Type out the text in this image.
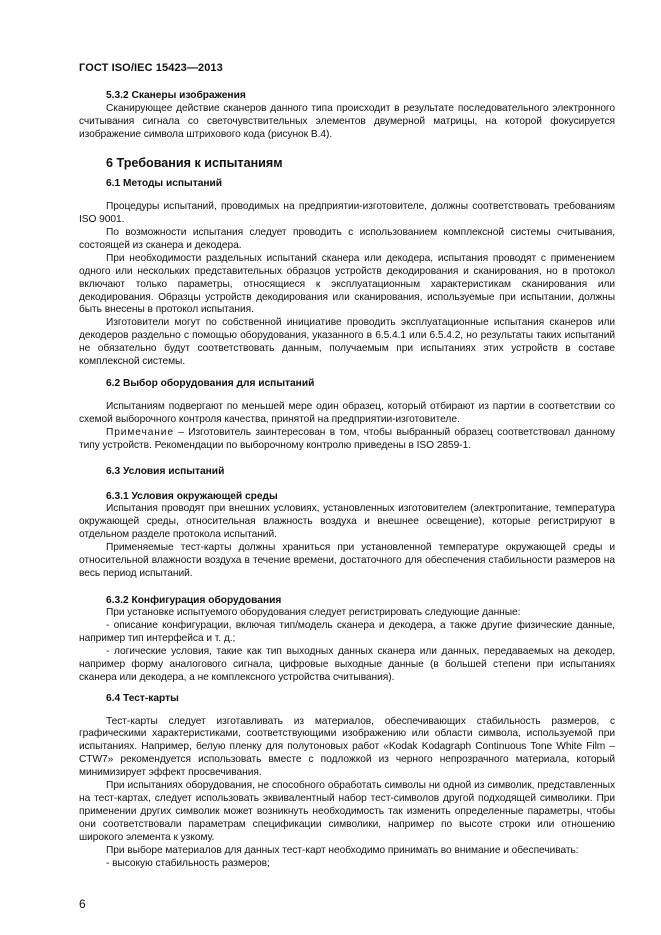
ГОСТ ISO/IEC 15423—2013
5.3.2 Сканеры изображения

Сканирующее действие сканеров данного типа происходит в результате последовательного электронного считывания сигнала со светочувствительных элементов двумерной матрицы, на которой фокусируется изображение символа штрихового кода (рисунок В.4).

6 Требования к испытаниям
6.1 Методы испытаний

Процедуры испытаний, проводимых на предприятии-изготовителе, должны соответствовать требованиям ISO 9001.

По возможности испытания следует проводить с использованием комплексной системы считывания, состоящей из сканера и декодера.

При необходимости раздельных испытаний сканера или декодера, испытания проводят с применением одного или нескольких представительных образцов устройств декодирования и сканирования, но в протокол включают только параметры, относящиеся к эксплуатационным характеристикам сканирования или декодирования. Образцы устройств декодирования или сканирования, используемые при испытании, должны быть внесены в протокол испытания.

Изготовители могут по собственной инициативе проводить эксплуатационные испытания сканеров или декодеров раздельно с помощью оборудования, указанного в 6.5.4.1 или 6.5.4.2, но результаты таких испытаний не обязательно будут соответствовать данным, получаемым при испытаниях этих устройств в составе комплексной системы.

6.2 Выбор оборудования для испытаний

Испытаниям подвергают по меньшей мере один образец, который отбирают из партии в соответствии со схемой выборочного контроля качества, принятой на предприятии-изготовителе.

Примечание – Изготовитель заинтересован в том, чтобы выбранный образец соответствовал данному типу устройств. Рекомендации по выборочному контролю приведены в ISO 2859-1.

6.3 Условия испытаний
6.3.1 Условия окружающей среды

Испытания проводят при внешних условиях, установленных изготовителем (электропитание, температура окружающей среды, относительная влажность воздуха и внешнее освещение), которые регистрируют в отдельном разделе протокола испытаний.

Применяемые тест-карты должны храниться при установленной температуре окружающей среды и относительной влажности воздуха в течение времени, достаточного для обеспечения стабильности размеров на весь период испытаний.

6.3.2 Конфигурация оборудования

При установке испытуемого оборудования следует регистрировать следующие данные:

- описание конфигурации, включая тип/модель сканера и декодера, а также другие физические данные, например тип интерфейса и т. д.;

- логические условия, такие как тип выходных данных сканера или данных, передаваемых на декодер, например форму аналогового сигнала, цифровые выходные данные (в большей степени при испытаниях сканера или декодера, а не комплексного устройства считывания).

6.4 Тест-карты

Тест-карты следует изготавливать из материалов, обеспечивающих стабильность размеров, с графическими характеристиками, соответствующими изображению или области символа, используемой при испытаниях. Например, белую пленку для полутоновых работ «Kodak Kodagraph Continuous Tone White Film – CTW7» рекомендуется использовать вместе с подложкой из черного непрозрачного материала, который минимизирует эффект просвечивания.

При испытаниях оборудования, не способного обработать символы ни одной из символик, представленных на тест-картах, следует использовать эквивалентный набор тест-символов другой подходящей символики. При применении других символик может возникнуть необходимость так изменить определенные параметры, чтобы они соответствовали параметрам спецификации символики, например по высоте строки или отношению широкого элемента к узкому.

При выборе материалов для данных тест-карт необходимо принимать во внимание и обеспечивать:

- высокую стабильность размеров;

6
